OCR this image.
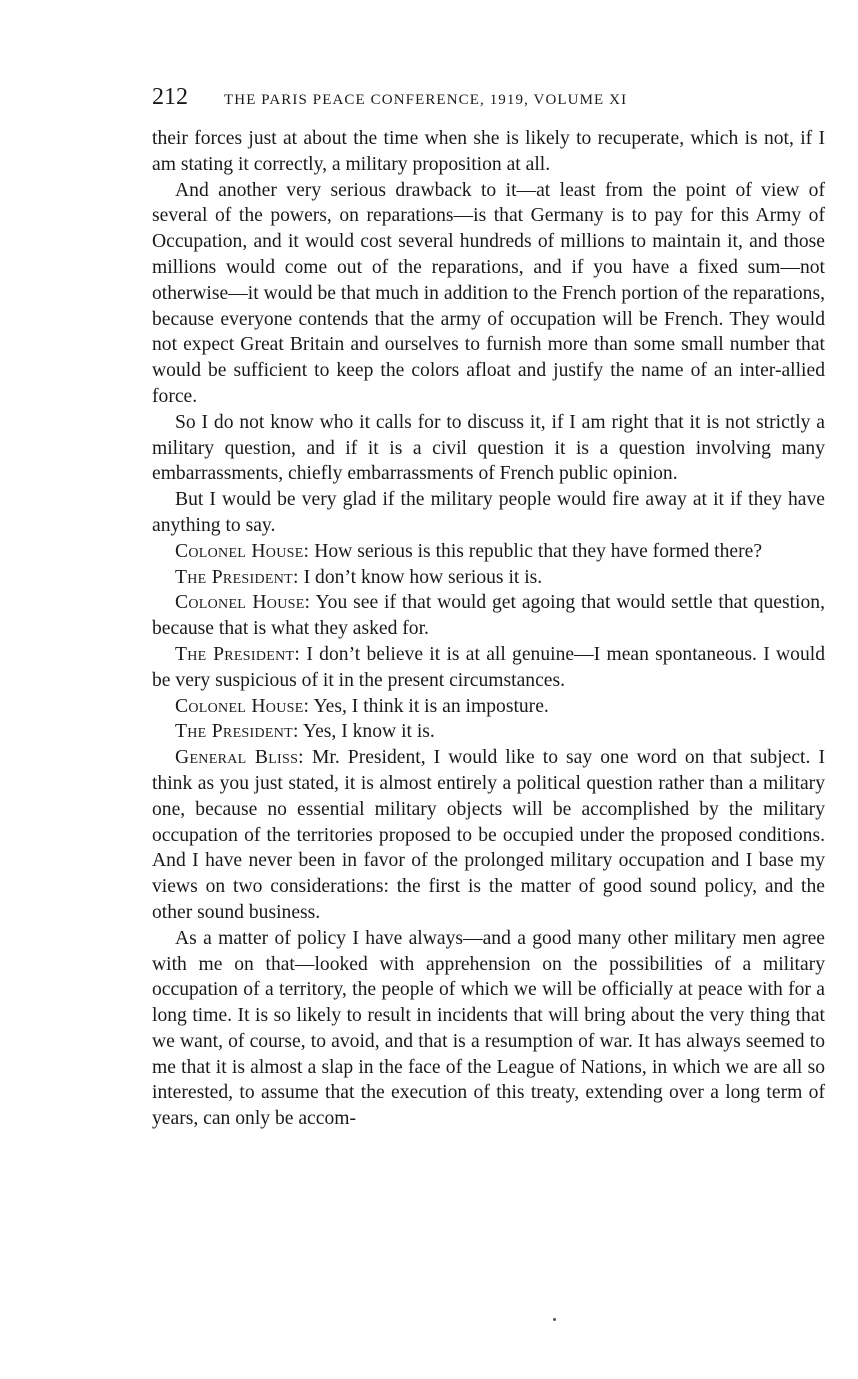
212	THE PARIS PEACE CONFERENCE, 1919, VOLUME XI

their forces just at about the time when she is likely to recuperate, which is not, if I am stating it correctly, a military proposition at all.

And another very serious drawback to it—at least from the point of view of several of the powers, on reparations—is that Germany is to pay for this Army of Occupation, and it would cost several hundreds of millions to maintain it, and those millions would come out of the reparations, and if you have a fixed sum—not otherwise—it would be that much in addition to the French portion of the reparations, because everyone contends that the army of occupation will be French. They would not expect Great Britain and ourselves to furnish more than some small number that would be sufficient to keep the colors afloat and justify the name of an inter-allied force.

So I do not know who it calls for to discuss it, if I am right that it is not strictly a military question, and if it is a civil question it is a question involving many embarrassments, chiefly embarrassments of French public opinion.

But I would be very glad if the military people would fire away at it if they have anything to say.

Colonel House: How serious is this republic that they have formed there?

The President: I don’t know how serious it is.

Colonel House: You see if that would get agoing that would settle that question, because that is what they asked for.

The President: I don’t believe it is at all genuine—I mean spontaneous. I would be very suspicious of it in the present circumstances.

Colonel House: Yes, I think it is an imposture.

The President: Yes, I know it is.

General Bliss: Mr. President, I would like to say one word on that subject. I think as you just stated, it is almost entirely a political question rather than a military one, because no essential military objects will be accomplished by the military occupation of the territories proposed to be occupied under the proposed conditions. And I have never been in favor of the prolonged military occupation and I base my views on two considerations: the first is the matter of good sound policy, and the other sound business.

As a matter of policy I have always—and a good many other military men agree with me on that—looked with apprehension on the possibilities of a military occupation of a territory, the people of which we will be officially at peace with for a long time. It is so likely to result in incidents that will bring about the very thing that we want, of course, to avoid, and that is a resumption of war. It has always seemed to me that it is almost a slap in the face of the League of Nations, in which we are all so interested, to assume that the execution of this treaty, extending over a long term of years, can only be accom-
